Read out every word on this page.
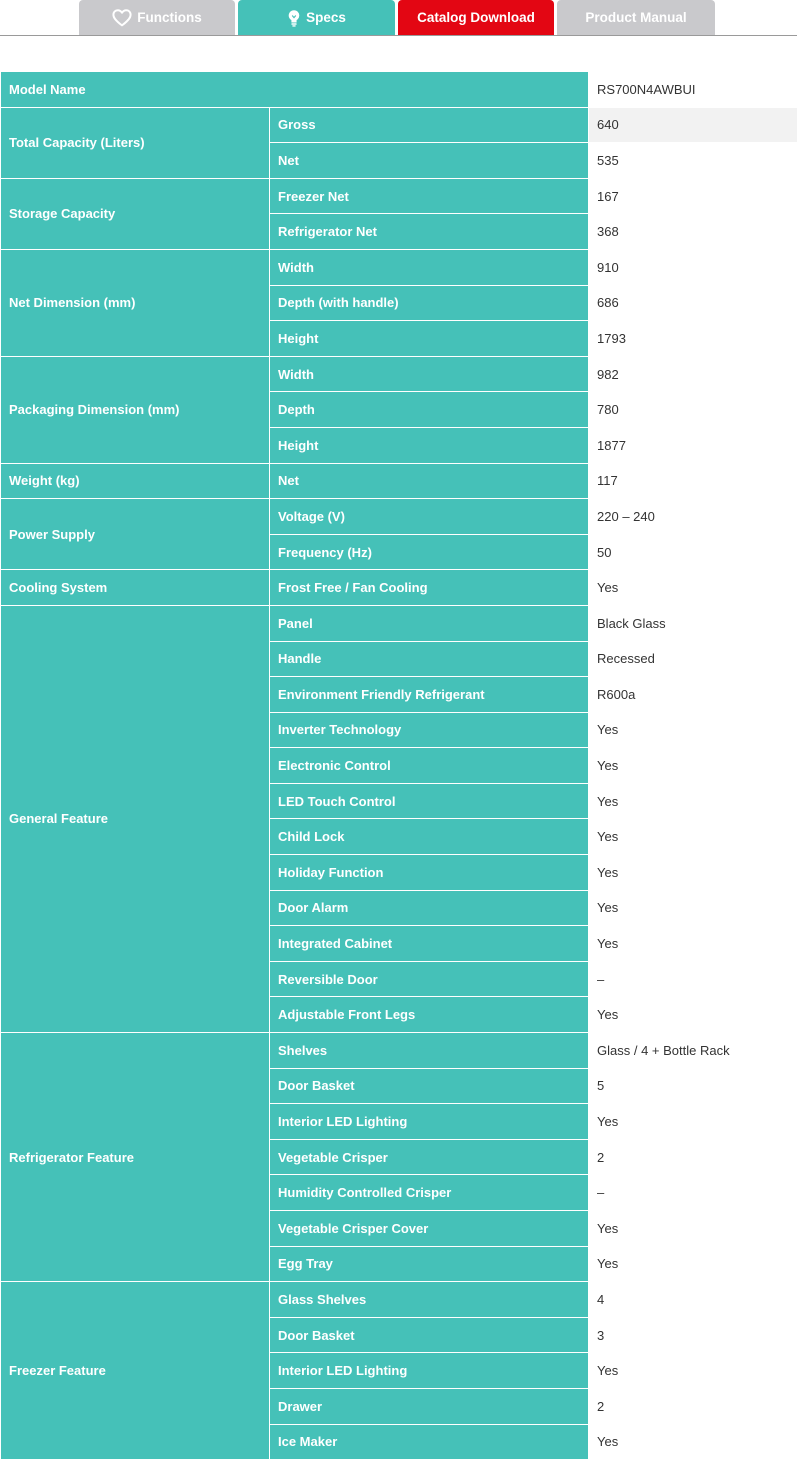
Functions	Specs	Catalog Download	Product Manual
Model Name		RS700N4AWBUI
Total Capacity (Liters)	Gross	640
	Net	535
Storage Capacity	Freezer Net	167
	Refrigerator Net	368
Net Dimension (mm)	Width	910
	Depth (with handle)	686
	Height	1793
Packaging Dimension (mm)	Width	982
	Depth	780
	Height	1877
Weight (kg)	Net	117
Power Supply	Voltage (V)	220 – 240
	Frequency (Hz)	50
Cooling System	Frost Free / Fan Cooling	Yes
General Feature	Panel	Black Glass
	Handle	Recessed
	Environment Friendly Refrigerant	R600a
	Inverter Technology	Yes
	Electronic Control	Yes
	LED Touch Control	Yes
	Child Lock	Yes
	Holiday Function	Yes
	Door Alarm	Yes
	Integrated Cabinet	Yes
	Reversible Door	–
	Adjustable Front Legs	Yes
Refrigerator Feature	Shelves	Glass / 4 + Bottle Rack
	Door Basket	5
	Interior LED Lighting	Yes
	Vegetable Crisper	2
	Humidity Controlled Crisper	–
	Vegetable Crisper Cover	Yes
	Egg Tray	Yes
Freezer Feature	Glass Shelves	4
	Door Basket	3
	Interior LED Lighting	Yes
	Drawer	2
	Ice Maker	Yes
